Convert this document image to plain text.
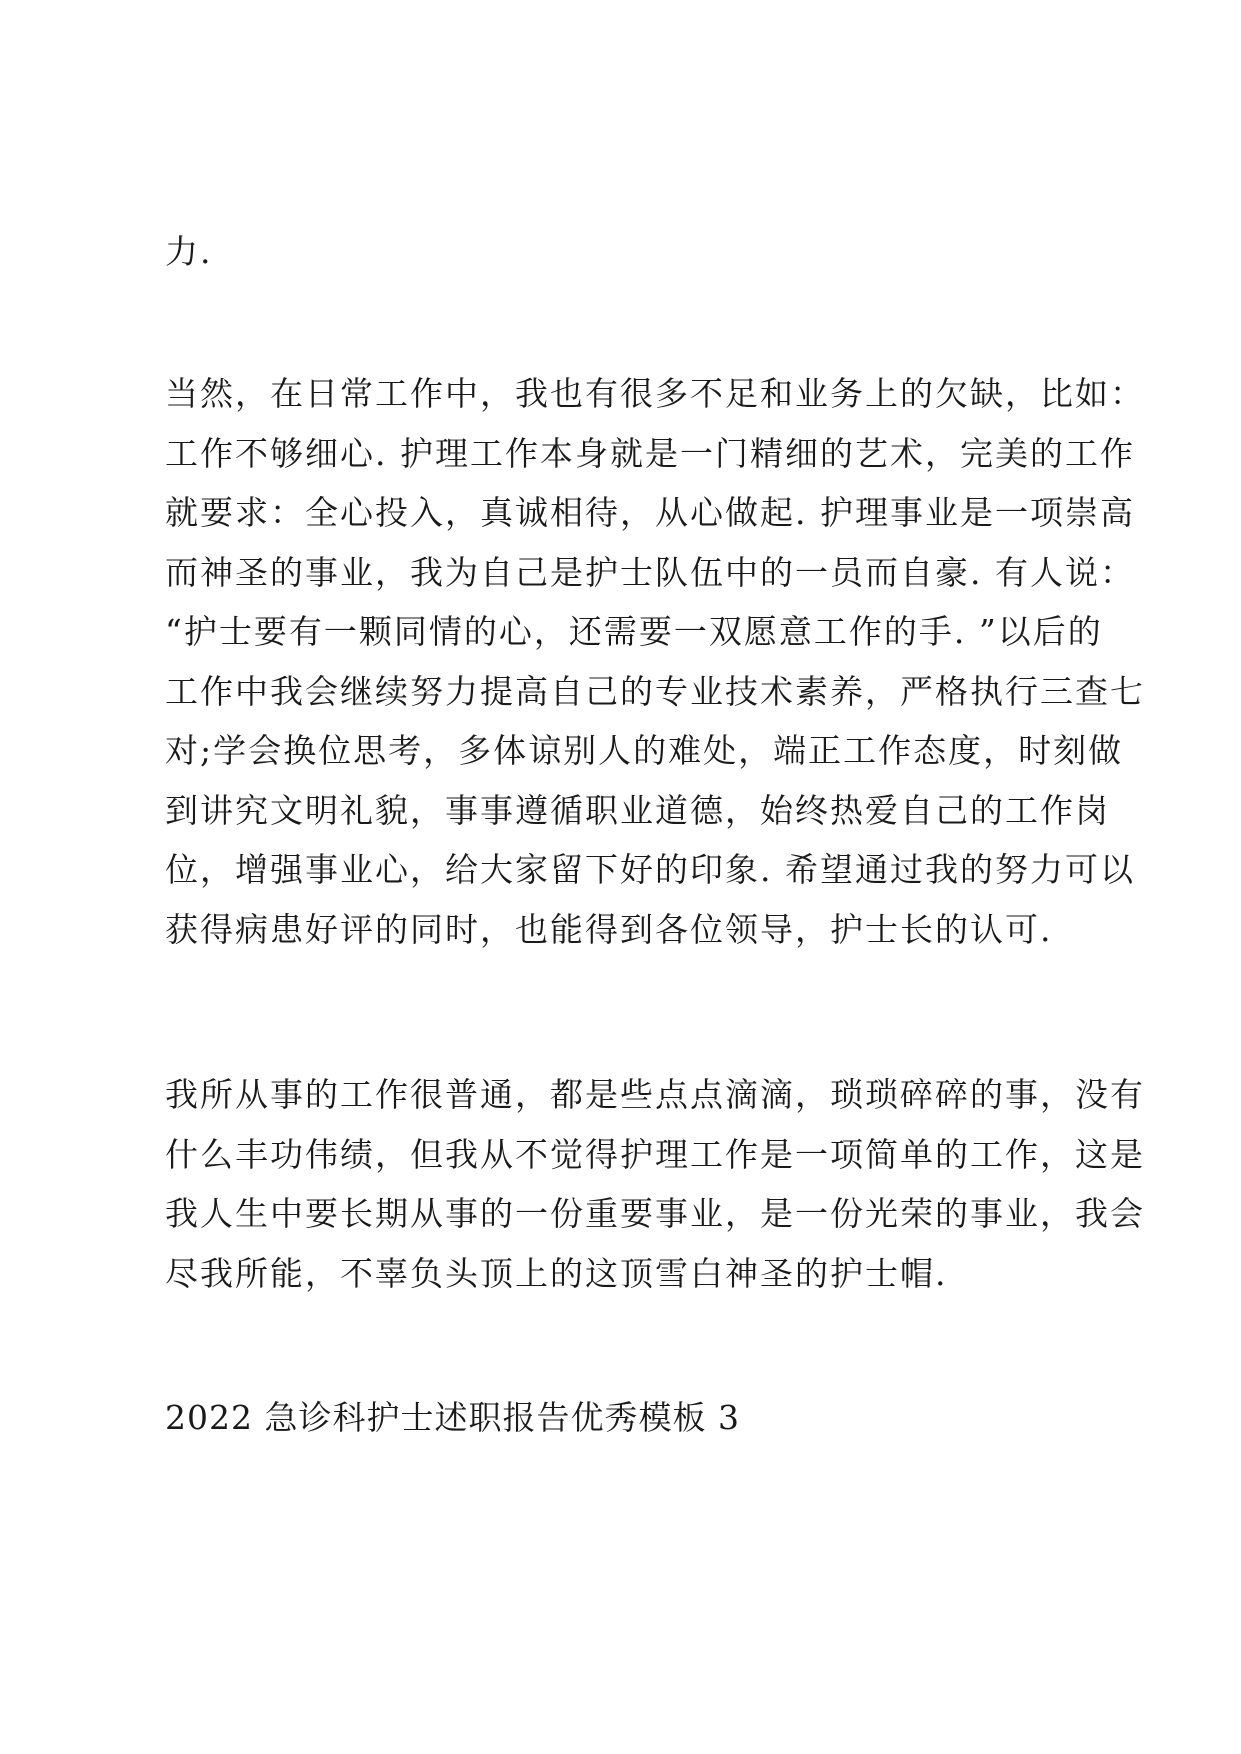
力.
当然，在日常工作中，我也有很多不足和业务上的欠缺，比如：
工作不够细心. 护理工作本身就是一门精细的艺术，完美的工作
就要求：全心投入，真诚相待，从心做起. 护理事业是一项崇高
而神圣的事业，我为自己是护士队伍中的一员而自豪. 有人说：
“护士要有一颗同情的心，还需要一双愿意工作的手. ”以后的
工作中我会继续努力提高自己的专业技术素养，严格执行三查七
对;学会换位思考，多体谅别人的难处，端正工作态度，时刻做
到讲究文明礼貌，事事遵循职业道德，始终热爱自己的工作岗
位，增强事业心，给大家留下好的印象. 希望通过我的努力可以
获得病患好评的同时，也能得到各位领导，护士长的认可.
我所从事的工作很普通，都是些点点滴滴，琐琐碎碎的事，没有
什么丰功伟绩，但我从不觉得护理工作是一项简单的工作，这是
我人生中要长期从事的一份重要事业，是一份光荣的事业，我会
尽我所能，不辜负头顶上的这顶雪白神圣的护士帽.
2022 急诊科护士述职报告优秀模板 3
